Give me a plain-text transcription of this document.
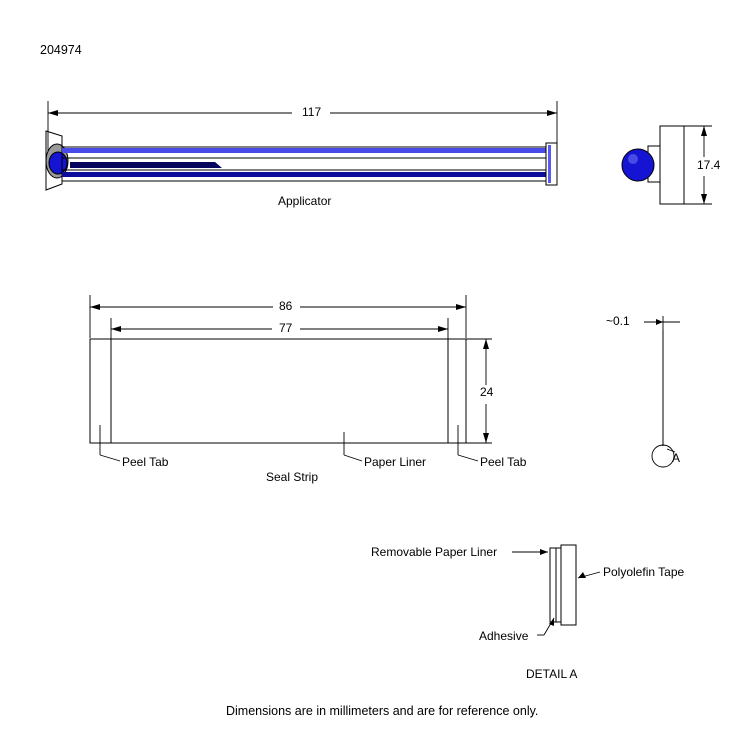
204974
117
Applicator
17.4
86
77
24
Peel Tab	Paper Liner	Peel Tab
Seal Strip
~0.1
A
Removable Paper Liner
Polyolefin Tape
Adhesive
DETAIL A
Dimensions are in millimeters and are for reference only.
